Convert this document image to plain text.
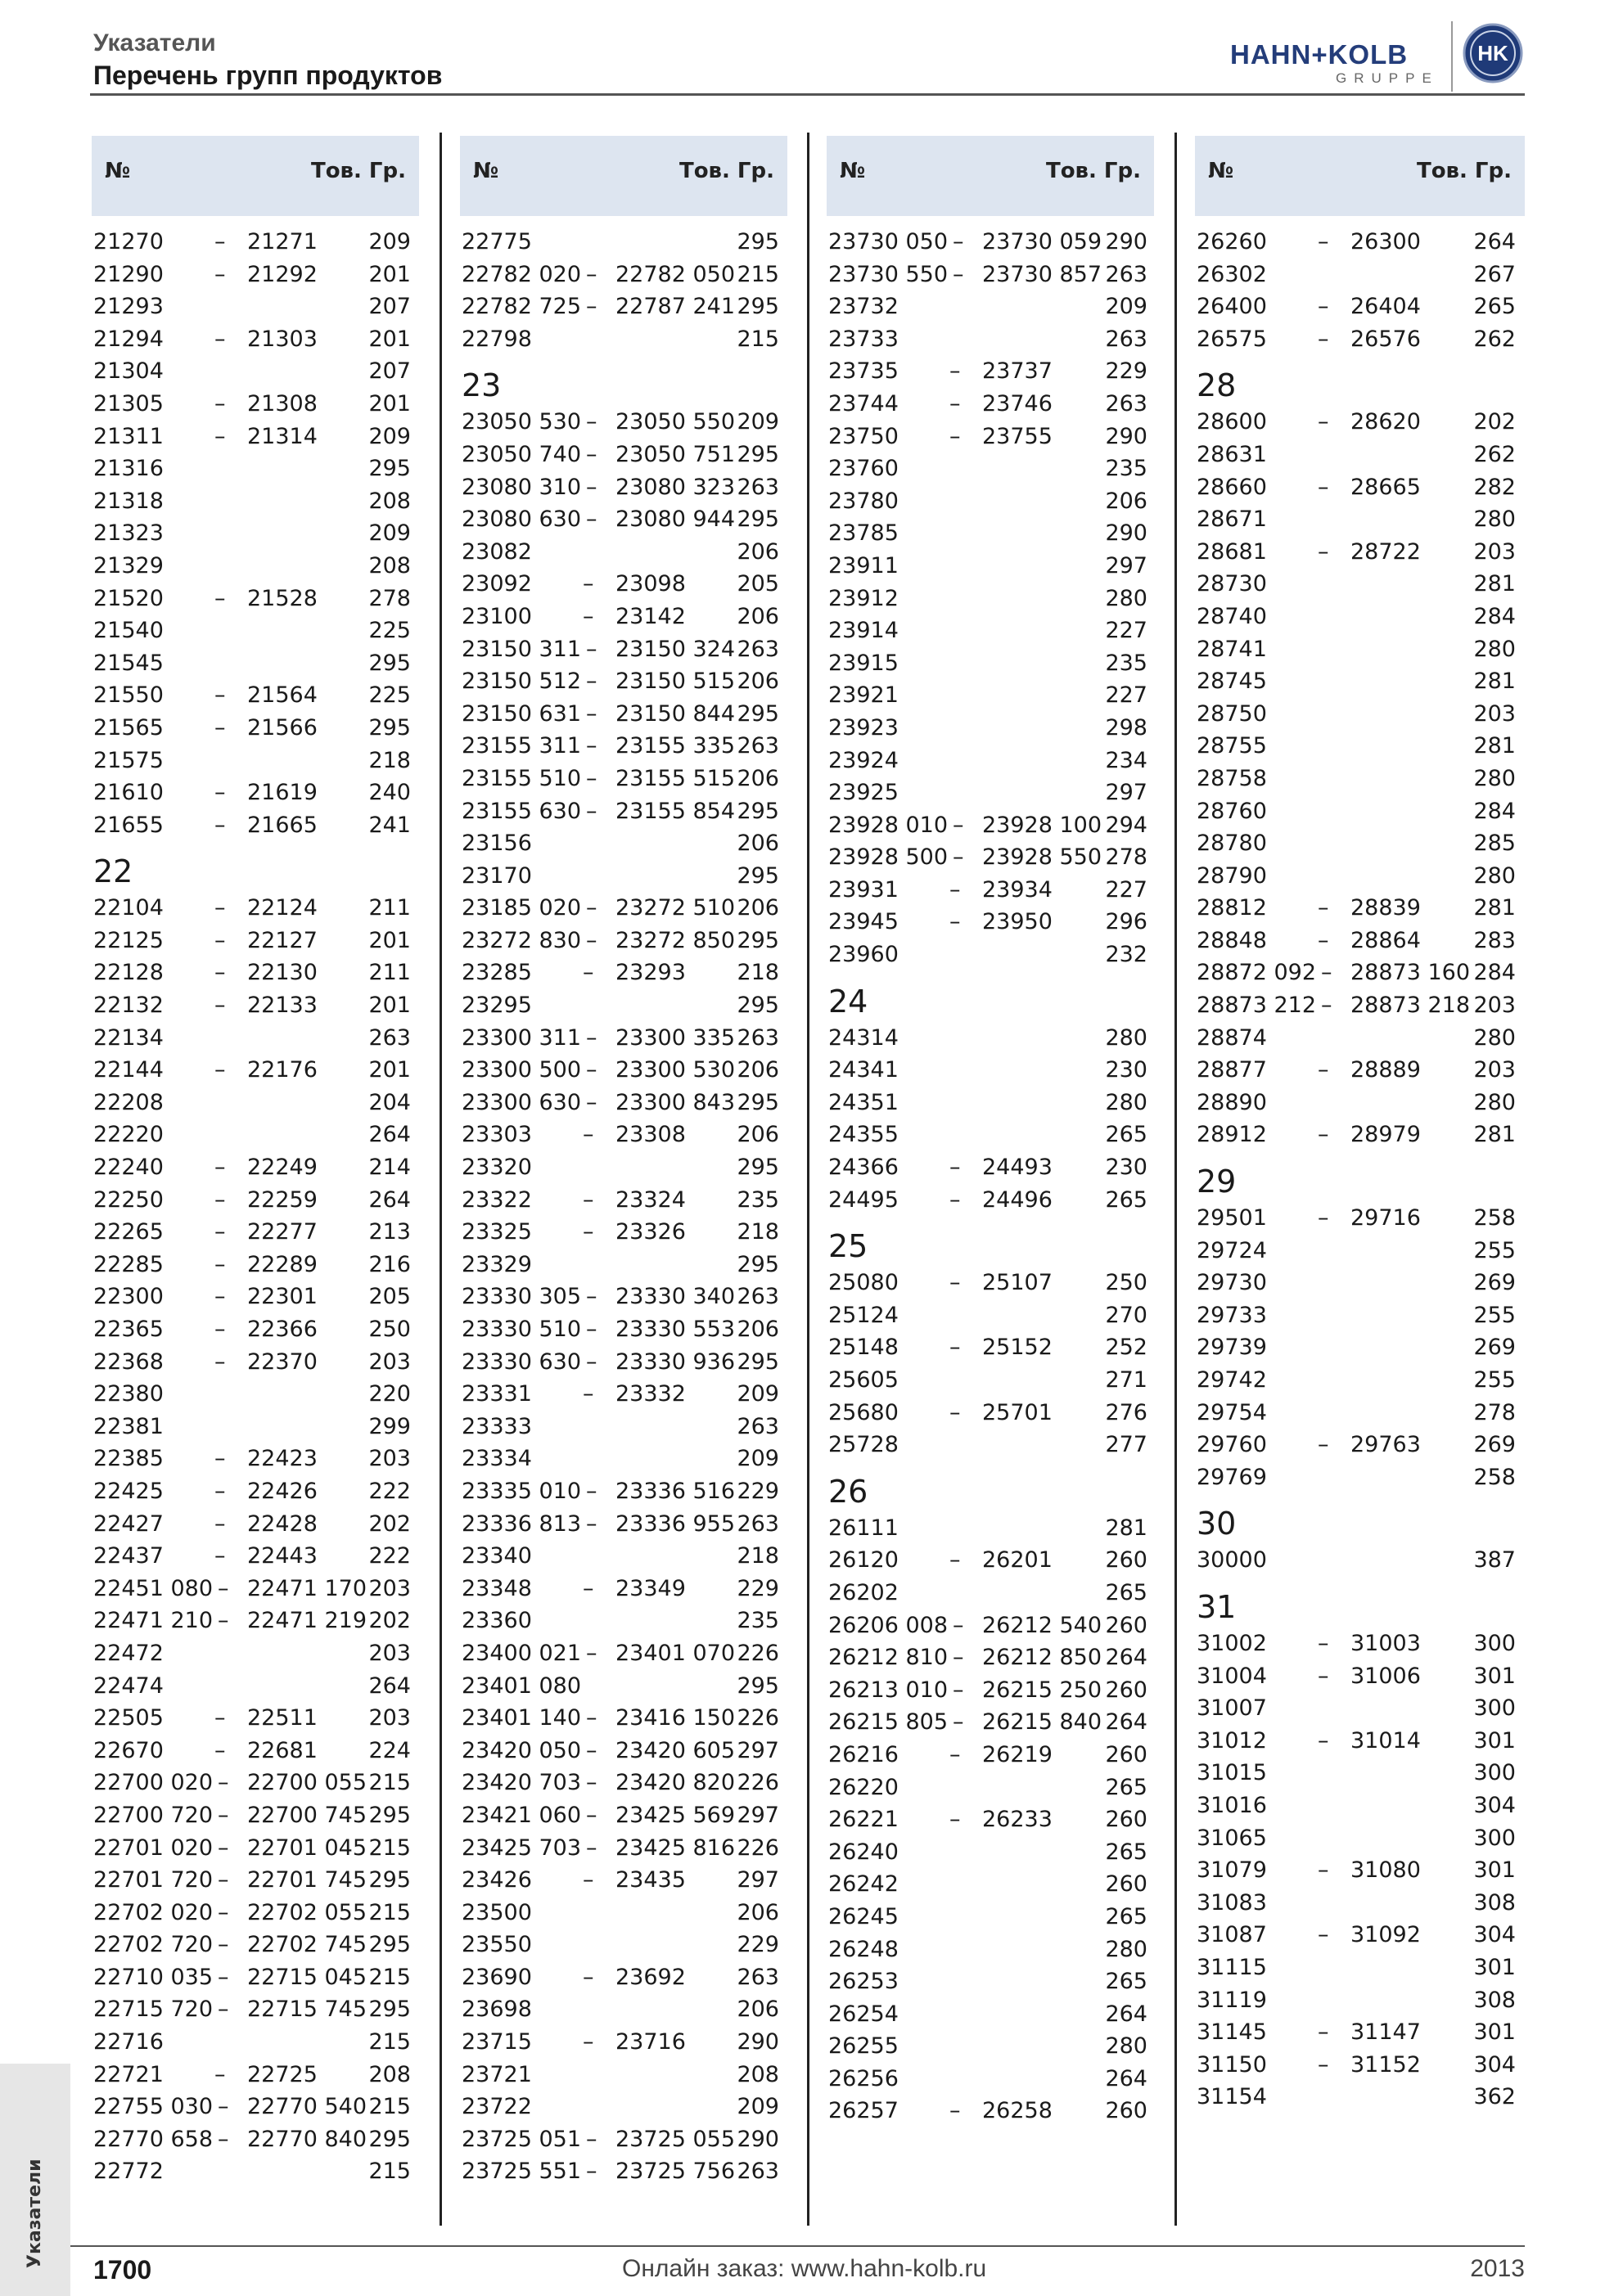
Указатели
Перечень групп продуктов
HAHN+KOLB
GRUPPE
HK
№	Тов. Гр.	№	Тов. Гр.	№	Тов. Гр.	№	Тов. Гр.
21270 – 21271 209
21290 – 21292 201
21293	207
21294 – 21303 201
21304	207
21305 – 21308 201
21311 – 21314 209
21316	295
21318	208
21323	209
21329	208
21520 – 21528 278
21540	225
21545	295
21550 – 21564 225
21565 – 21566 295
21575	218
21610 – 21619 240
21655 – 21665 241
22
22104 – 22124 211
22125 – 22127 201
22128 – 22130 211
22132 – 22133 201
22134	263
22144 – 22176 201
22208	204
22220	264
22240 – 22249 214
22250 – 22259 264
22265 – 22277 213
22285 – 22289 216
22300 – 22301 205
22365 – 22366 250
22368 – 22370 203
22380	220
22381	299
22385 – 22423 203
22425 – 22426 222
22427 – 22428 202
22437 – 22443 222
22451 080 – 22471 170 203
22471 210 – 22471 219 202
22472	203
22474	264
22505 – 22511 203
22670 – 22681 224
22700 020 – 22700 055 215
22700 720 – 22700 745 295
22701 020 – 22701 045 215
22701 720 – 22701 745 295
22702 020 – 22702 055 215
22702 720 – 22702 745 295
22710 035 – 22715 045 215
22715 720 – 22715 745 295
22716	215
22721 – 22725 208
22755 030 – 22770 540 215
22770 658 – 22770 840 295
22772	215
22775	295
22782 020 – 22782 050 215
22782 725 – 22787 241 295
22798	215
23
23050 530 – 23050 550 209
23050 740 – 23050 751 295
23080 310 – 23080 323 263
23080 630 – 23080 944 295
23082	206
23092 – 23098 205
23100 – 23142 206
23150 311 – 23150 324 263
23150 512 – 23150 515 206
23150 631 – 23150 844 295
23155 311 – 23155 335 263
23155 510 – 23155 515 206
23155 630 – 23155 854 295
23156	206
23170	295
23185 020 – 23272 510 206
23272 830 – 23272 850 295
23285 – 23293 218
23295	295
23300 311 – 23300 335 263
23300 500 – 23300 530 206
23300 630 – 23300 843 295
23303 – 23308 206
23320	295
23322 – 23324 235
23325 – 23326 218
23329	295
23330 305 – 23330 340 263
23330 510 – 23330 553 206
23330 630 – 23330 936 295
23331 – 23332 209
23333	263
23334	209
23335 010 – 23336 516 229
23336 813 – 23336 955 263
23340	218
23348 – 23349 229
23360	235
23400 021 – 23401 070 226
23401 080	295
23401 140 – 23416 150 226
23420 050 – 23420 605 297
23420 703 – 23420 820 226
23421 060 – 23425 569 297
23425 703 – 23425 816 226
23426 – 23435 297
23500	206
23550	229
23690 – 23692 263
23698	206
23715 – 23716 290
23721	208
23722	209
23725 051 – 23725 055 290
23725 551 – 23725 756 263
23730 050 – 23730 059 290
23730 550 – 23730 857 263
23732	209
23733	263
23735 – 23737 229
23744 – 23746 263
23750 – 23755 290
23760	235
23780	206
23785	290
23911	297
23912	280
23914	227
23915	235
23921	227
23923	298
23924	234
23925	297
23928 010 – 23928 100 294
23928 500 – 23928 550 278
23931 – 23934 227
23945 – 23950 296
23960	232
24
24314	280
24341	230
24351	280
24355	265
24366 – 24493 230
24495 – 24496 265
25
25080 – 25107 250
25124	270
25148 – 25152 252
25605	271
25680 – 25701 276
25728	277
26
26111	281
26120 – 26201 260
26202	265
26206 008 – 26212 540 260
26212 810 – 26212 850 264
26213 010 – 26215 250 260
26215 805 – 26215 840 264
26216 – 26219 260
26220	265
26221 – 26233 260
26240	265
26242	260
26245	265
26248	280
26253	265
26254	264
26255	280
26256	264
26257 – 26258 260
26260 – 26300 264
26302	267
26400 – 26404 265
26575 – 26576 262
28
28600 – 28620 202
28631	262
28660 – 28665 282
28671	280
28681 – 28722 203
28730	281
28740	284
28741	280
28745	281
28750	203
28755	281
28758	280
28760	284
28780	285
28790	280
28812 – 28839 281
28848 – 28864 283
28872 092 – 28873 160 284
28873 212 – 28873 218 203
28874	280
28877 – 28889 203
28890	280
28912 – 28979 281
29
29501 – 29716 258
29724	255
29730	269
29733	255
29739	269
29742	255
29754	278
29760 – 29763 269
29769	258
30
30000	387
31
31002 – 31003 300
31004 – 31006 301
31007	300
31012 – 31014 301
31015	300
31016	304
31065	300
31079 – 31080 301
31083	308
31087 – 31092 304
31115	301
31119	308
31145 – 31147 301
31150 – 31152 304
31154	362
Указатели
1700	Онлайн заказ: www.hahn-kolb.ru	2013
